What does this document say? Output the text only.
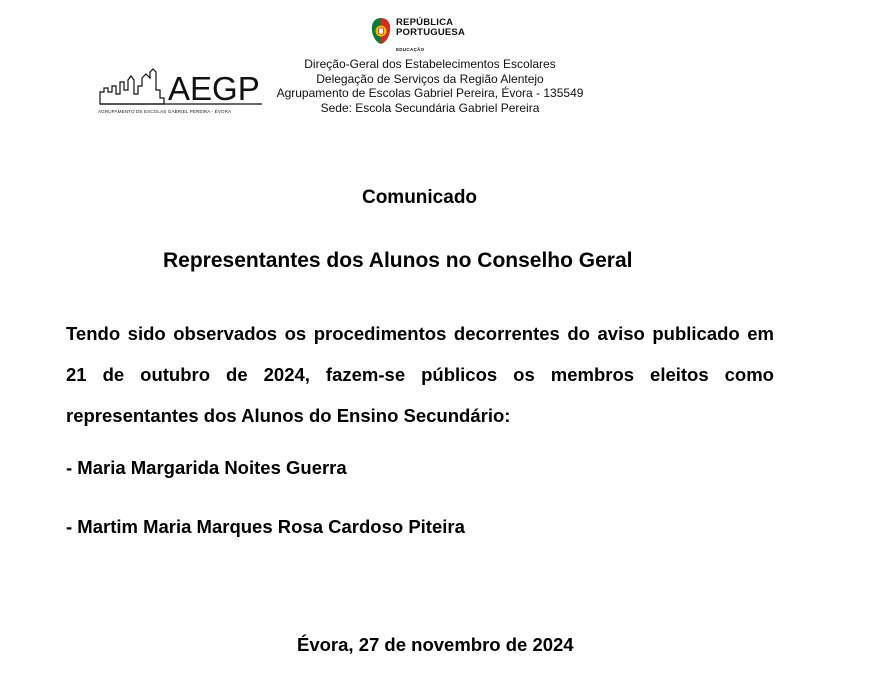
REPÚBLICA
PORTUGUESA
EDUCAÇÃO
AEGP
AGRUPAMENTO DE ESCOLAS GABRIEL PEREIRA - ÉVORA
Direção-Geral dos Estabelecimentos Escolares
Delegação de Serviços da Região Alentejo
Agrupamento de Escolas Gabriel Pereira, Évora - 135549
Sede: Escola Secundária Gabriel Pereira
Comunicado
Representantes dos Alunos no Conselho Geral
Tendo sido observados os procedimentos decorrentes do aviso publicado em 21 de outubro de 2024, fazem-se públicos os membros eleitos como representantes dos Alunos do Ensino Secundário:
- Maria Margarida Noites Guerra
- Martim Maria Marques Rosa Cardoso Piteira
Évora, 27 de novembro de 2024
